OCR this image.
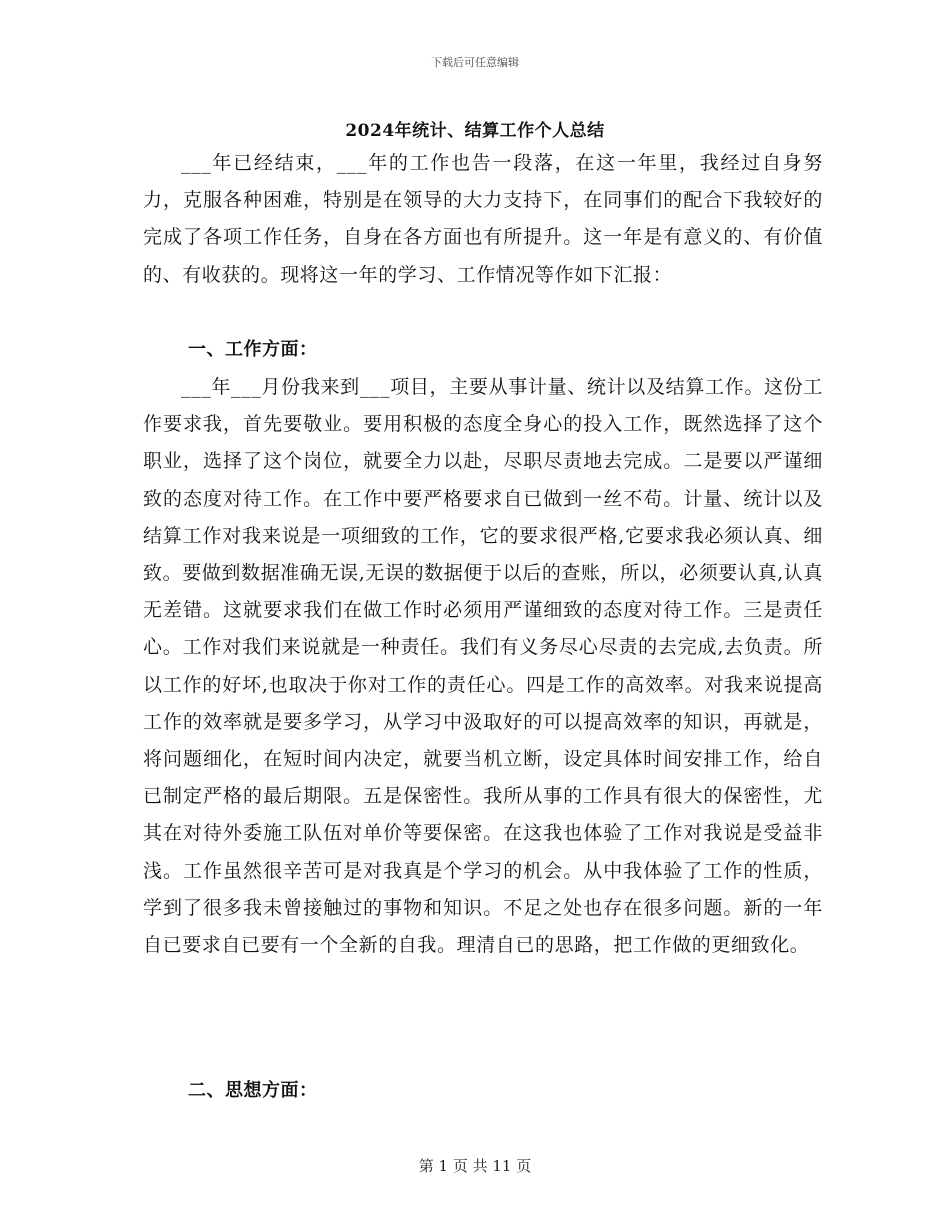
下载后可任意编辑
2024年统计、结算工作个人总结

___年已经结束，___年的工作也告一段落，在这一年里，我经过自身努力，克服各种困难，特别是在领导的大力支持下，在同事们的配合下我较好的完成了各项工作任务，自身在各方面也有所提升。这一年是有意义的、有价值的、有收获的。现将这一年的学习、工作情况等作如下汇报：

一、工作方面：

___年___月份我来到___项目，主要从事计量、统计以及结算工作。这份工作要求我，首先要敬业。要用积极的态度全身心的投入工作，既然选择了这个职业，选择了这个岗位，就要全力以赴，尽职尽责地去完成。二是要以严谨细致的态度对待工作。在工作中要严格要求自已做到一丝不苟。计量、统计以及结算工作对我来说是一项细致的工作，它的要求很严格,它要求我必须认真、细致。要做到数据准确无误,无误的数据便于以后的查账，所以，必须要认真,认真无差错。这就要求我们在做工作时必须用严谨细致的态度对待工作。三是责任心。工作对我们来说就是一种责任。我们有义务尽心尽责的去完成,去负责。所以工作的好坏,也取决于你对工作的责任心。四是工作的高效率。对我来说提高工作的效率就是要多学习，从学习中汲取好的可以提高效率的知识，再就是，将问题细化，在短时间内决定，就要当机立断，设定具体时间安排工作，给自已制定严格的最后期限。五是保密性。我所从事的工作具有很大的保密性，尤其在对待外委施工队伍对单价等要保密。在这我也体验了工作对我说是受益非浅。工作虽然很辛苦可是对我真是个学习的机会。从中我体验了工作的性质，学到了很多我未曾接触过的事物和知识。不足之处也存在很多问题。新的一年自已要求自已要有一个全新的自我。理清自已的思路，把工作做的更细致化。

二、思想方面：
第 1 页 共 11 页
